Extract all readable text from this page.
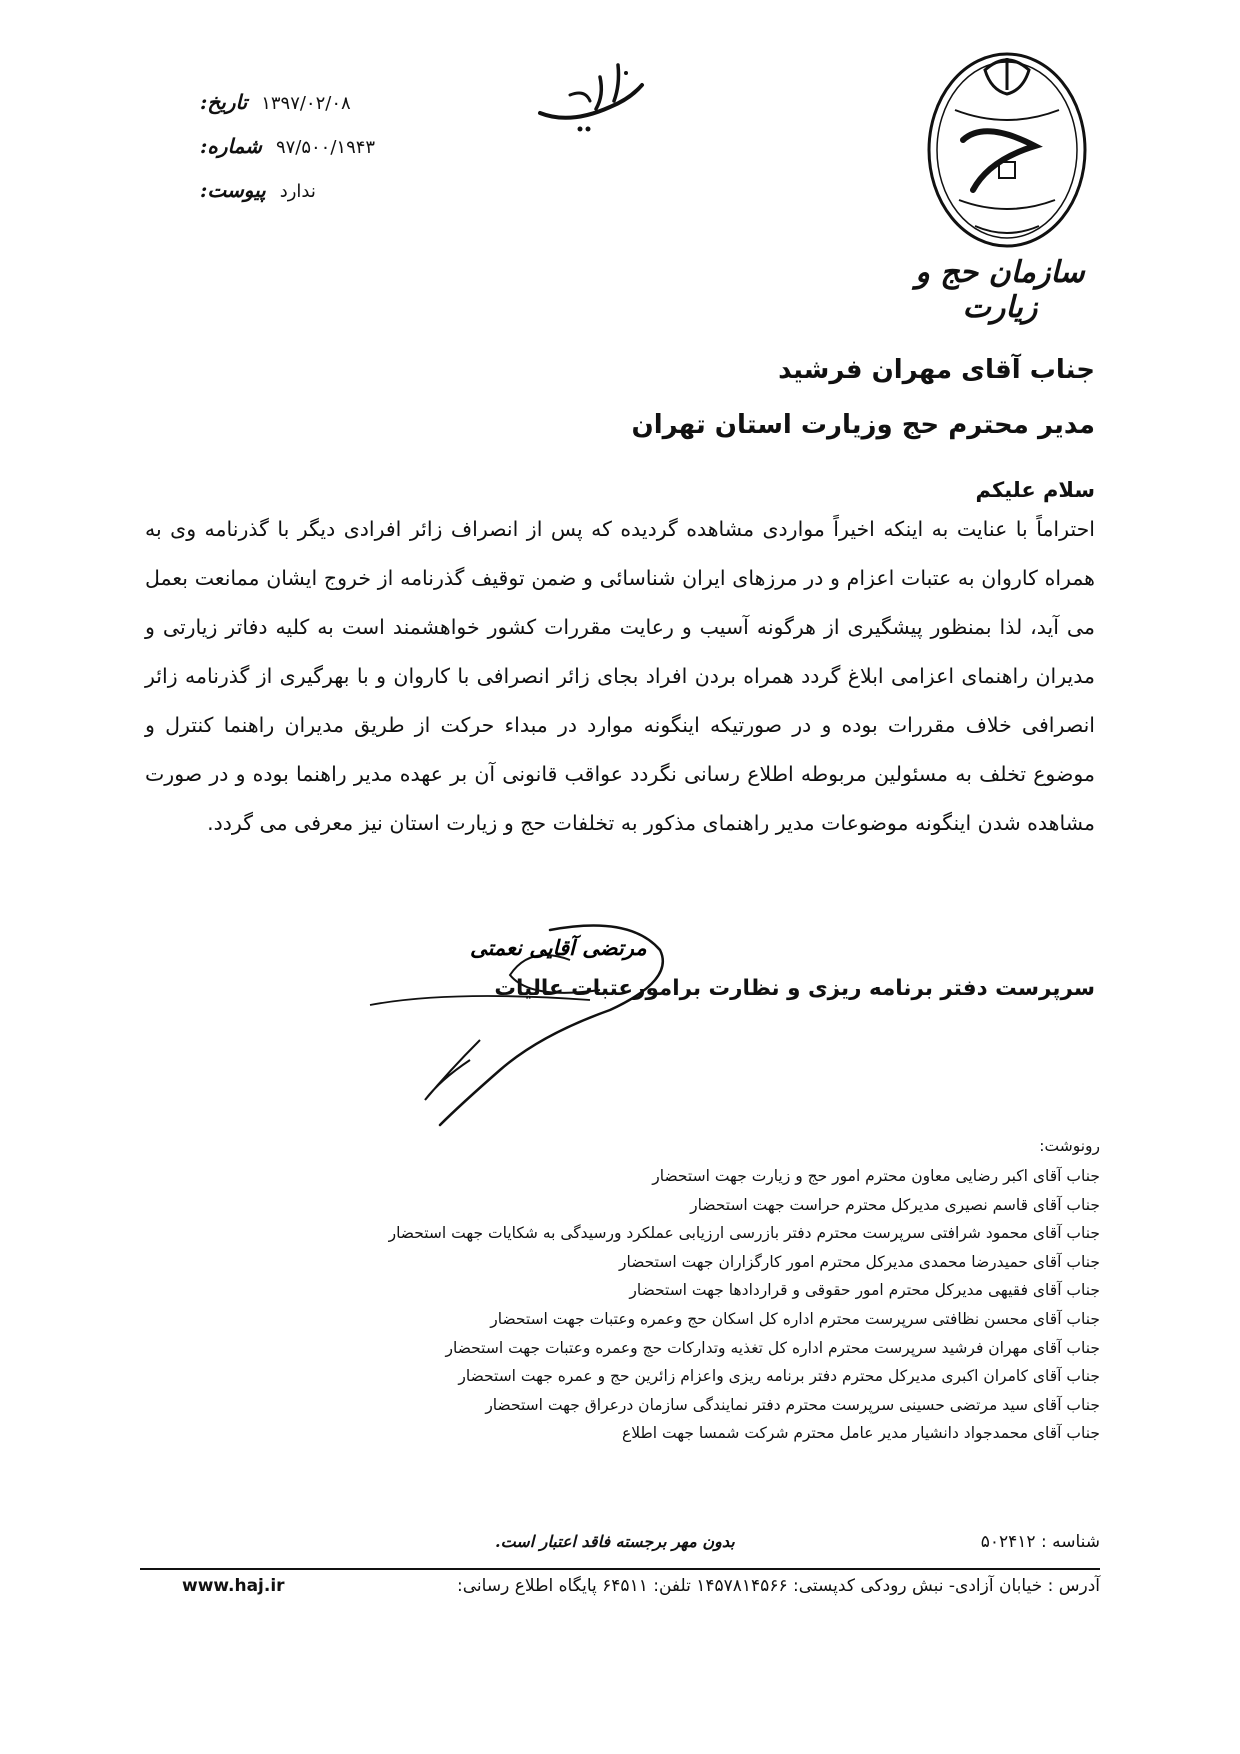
تاریخ: ۱۳۹۷/۰۲/۰۸
شماره: ۹۷/۵۰۰/۱۹۴۳
پیوست: ندارد
سازمان حج و زیارت
جناب آقای مهران فرشید
مدیر محترم حج وزیارت استان تهران
سلام علیکم
احتراماً با عنایت به اینکه اخیراً مواردی مشاهده گردیده که پس از انصراف زائر افرادی دیگر با گذرنامه وی به همراه کاروان به عتبات اعزام و در مرزهای ایران شناسائی و ضمن توقیف گذرنامه از خروج ایشان ممانعت بعمل می آید، لذا بمنظور پیشگیری از هرگونه آسیب و رعایت مقررات کشور خواهشمند است به کلیه دفاتر زیارتی و مدیران راهنمای اعزامی ابلاغ گردد همراه بردن افراد بجای زائر انصرافی با کاروان و با بهرگیری از گذرنامه زائر انصرافی خلاف مقررات بوده و در صورتیکه اینگونه موارد در مبداء حرکت از طریق مدیران راهنما کنترل و موضوع تخلف به مسئولین مربوطه اطلاع رسانی نگردد عواقب قانونی آن بر عهده مدیر راهنما بوده و در صورت مشاهده شدن اینگونه موضوعات مدیر راهنمای مذکور به تخلفات حج و زیارت استان نیز معرفی می گردد.
مرتضی آقایی نعمتی
سرپرست دفتر برنامه ریزی و نظارت برامورعتبات عالیات
رونوشت:
جناب آقای اکبر رضایی معاون محترم امور حج و زیارت جهت استحضار
جناب آقای قاسم نصیری مدیرکل محترم حراست جهت استحضار
جناب آقای محمود شرافتی سرپرست محترم دفتر بازرسی ارزیابی عملکرد ورسیدگی به شکایات جهت استحضار
جناب آقای حمیدرضا محمدی مدیرکل محترم امور کارگزاران جهت استحضار
جناب آقای فقیهی مدیرکل محترم امور حقوقی و قراردادها جهت استحضار
جناب آقای محسن نظافتی سرپرست محترم اداره کل اسکان حج وعمره وعتبات جهت استحضار
جناب آقای مهران فرشید سرپرست محترم اداره کل تغذیه وتدارکات حج وعمره وعتبات جهت استحضار
جناب آقای کامران اکبری مدیرکل محترم دفتر برنامه ریزی واعزام زائرین حج و عمره جهت استحضار
جناب آقای سید مرتضی حسینی سرپرست محترم دفتر نمایندگی سازمان درعراق جهت استحضار
جناب آقای محمدجواد دانشیار مدیر عامل محترم شرکت شمسا جهت اطلاع
شناسه : ۵۰۲۴۱۲
بدون مهر برجسته فاقد اعتبار است.
آدرس : خیابان آزادی- نبش رودکی کدپستی: ۱۴۵۷۸۱۴۵۶۶ تلفن: ۶۴۵۱۱ پایگاه اطلاع رسانی:
www.haj.ir
